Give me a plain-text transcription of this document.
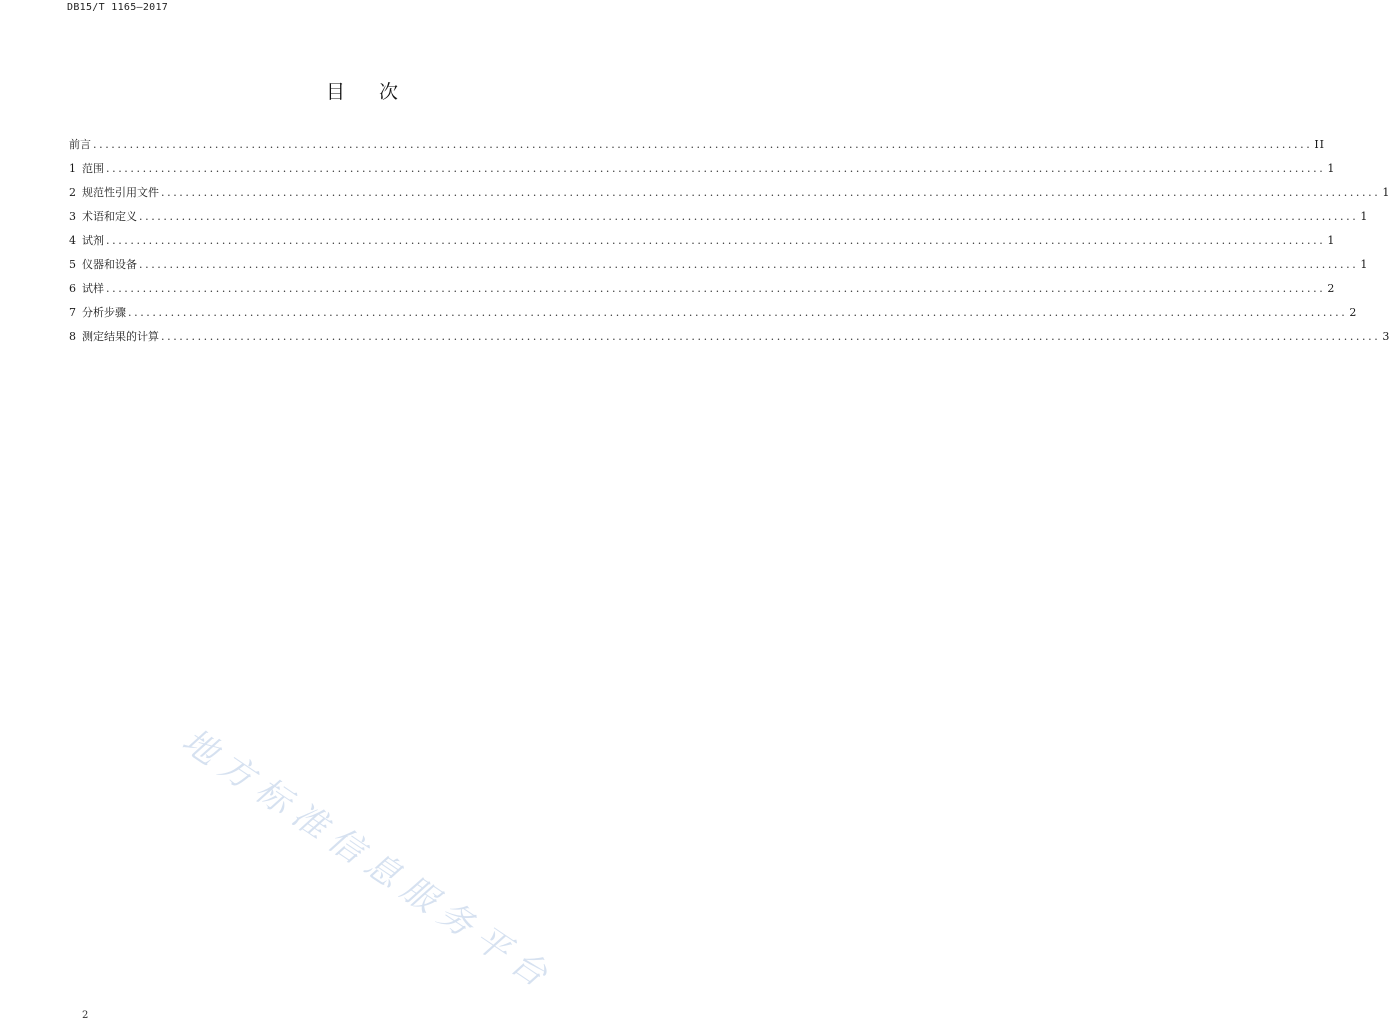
DB15/T 1165—2017
目 次
前言 ........................................................................................................................................................................................................ II
1 范围 ........................................................................................................................................................................................................ 1
2 规范性引用文件 ........................................................................................................................................................................................................ 1
3 术语和定义 ........................................................................................................................................................................................................ 1
4 试剂 ........................................................................................................................................................................................................ 1
5 仪器和设备 ........................................................................................................................................................................................................ 1
6 试样 ........................................................................................................................................................................................................ 2
7 分析步骤 ........................................................................................................................................................................................................ 2
8 测定结果的计算 ........................................................................................................................................................................................................ 3
地方标准信息服务平台
2
